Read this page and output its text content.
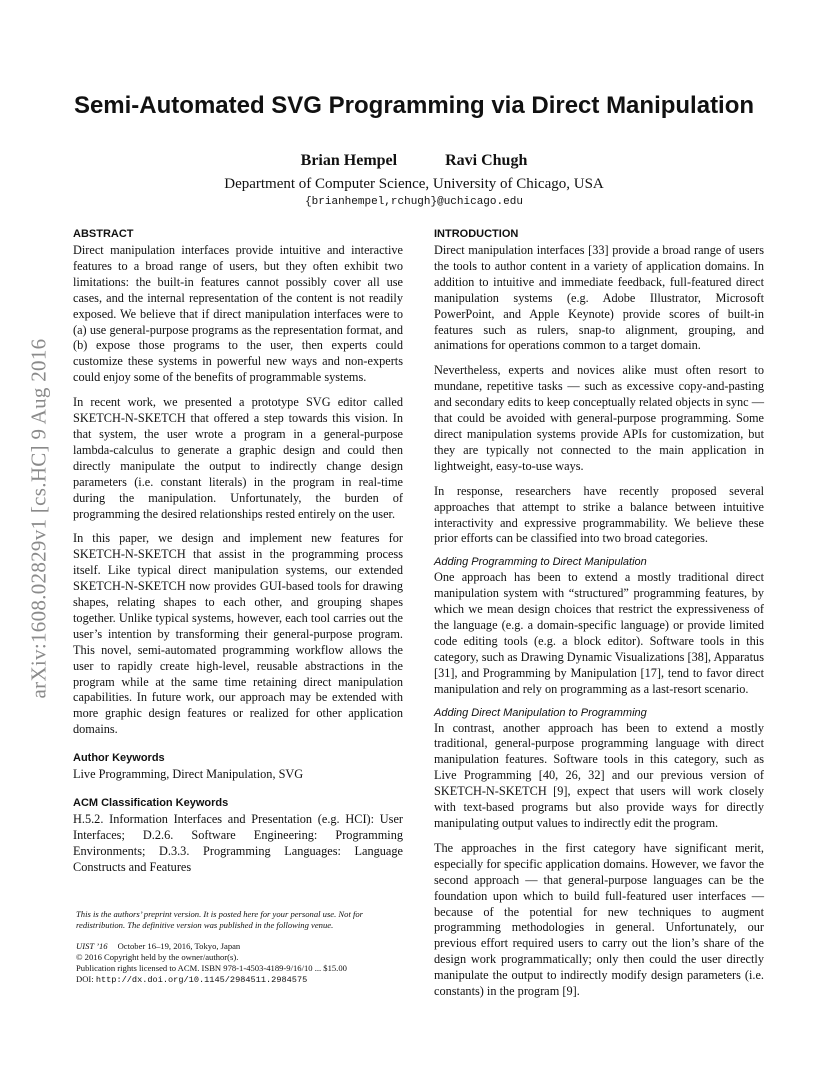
arXiv:1608.02829v1 [cs.HC] 9 Aug 2016
Semi-Automated SVG Programming via Direct Manipulation
Brian Hempel	Ravi Chugh
Department of Computer Science, University of Chicago, USA
{brianhempel,rchugh}@uchicago.edu
ABSTRACT

Direct manipulation interfaces provide intuitive and interactive features to a broad range of users, but they often exhibit two limitations: the built-in features cannot possibly cover all use cases, and the internal representation of the content is not readily exposed. We believe that if direct manipulation interfaces were to (a) use general-purpose programs as the representation format, and (b) expose those programs to the user, then experts could customize these systems in powerful new ways and non-experts could enjoy some of the benefits of programmable systems.

In recent work, we presented a prototype SVG editor called SKETCH-N-SKETCH that offered a step towards this vision. In that system, the user wrote a program in a general-purpose lambda-calculus to generate a graphic design and could then directly manipulate the output to indirectly change design parameters (i.e. constant literals) in the program in real-time during the manipulation. Unfortunately, the burden of programming the desired relationships rested entirely on the user.

In this paper, we design and implement new features for SKETCH-N-SKETCH that assist in the programming process itself. Like typical direct manipulation systems, our extended SKETCH-N-SKETCH now provides GUI-based tools for drawing shapes, relating shapes to each other, and grouping shapes together. Unlike typical systems, however, each tool carries out the user’s intention by transforming their general-purpose program. This novel, semi-automated programming workflow allows the user to rapidly create high-level, reusable abstractions in the program while at the same time retaining direct manipulation capabilities. In future work, our approach may be extended with more graphic design features or realized for other application domains.

Author Keywords

Live Programming, Direct Manipulation, SVG

ACM Classification Keywords

H.5.2. Information Interfaces and Presentation (e.g. HCI): User Interfaces; D.2.6. Software Engineering: Programming Environments; D.3.3. Programming Languages: Language Constructs and Features

INTRODUCTION

Direct manipulation interfaces [33] provide a broad range of users the tools to author content in a variety of application domains. In addition to intuitive and immediate feedback, full-featured direct manipulation systems (e.g. Adobe Illustrator, Microsoft PowerPoint, and Apple Keynote) provide scores of built-in features such as rulers, snap-to alignment, grouping, and animations for operations common to a target domain.

Nevertheless, experts and novices alike must often resort to mundane, repetitive tasks — such as excessive copy-and-pasting and secondary edits to keep conceptually related objects in sync — that could be avoided with general-purpose programming. Some direct manipulation systems provide APIs for customization, but they are typically not connected to the main application in lightweight, easy-to-use ways.

In response, researchers have recently proposed several approaches that attempt to strike a balance between intuitive interactivity and expressive programmability. We believe these prior efforts can be classified into two broad categories.

Adding Programming to Direct Manipulation

One approach has been to extend a mostly traditional direct manipulation system with “structured” programming features, by which we mean design choices that restrict the expressiveness of the language (e.g. a domain-specific language) or provide limited code editing tools (e.g. a block editor). Software tools in this category, such as Drawing Dynamic Visualizations [38], Apparatus [31], and Programming by Manipulation [17], tend to favor direct manipulation and rely on programming as a last-resort scenario.

Adding Direct Manipulation to Programming

In contrast, another approach has been to extend a mostly traditional, general-purpose programming language with direct manipulation features. Software tools in this category, such as Live Programming [40, 26, 32] and our previous version of SKETCH-N-SKETCH [9], expect that users will work closely with text-based programs but also provide ways for directly manipulating output values to indirectly edit the program.

The approaches in the first category have significant merit, especially for specific application domains. However, we favor the second approach — that general-purpose languages can be the foundation upon which to build full-featured user interfaces — because of the potential for new techniques to augment programming methodologies in general. Unfortunately, our previous effort required users to carry out the lion’s share of the design work programmatically; only then could the user directly manipulate the output to indirectly modify design parameters (i.e. constants) in the program [9].

This is the authors’ preprint version. It is posted here for your personal use. Not for redistribution. The definitive version was published in the following venue.

UIST ’16 October 16–19, 2016, Tokyo, Japan

© 2016 Copyright held by the owner/author(s).

Publication rights licensed to ACM. ISBN 978-1-4503-4189-9/16/10 ... $15.00

DOI: http://dx.doi.org/10.1145/2984511.2984575
